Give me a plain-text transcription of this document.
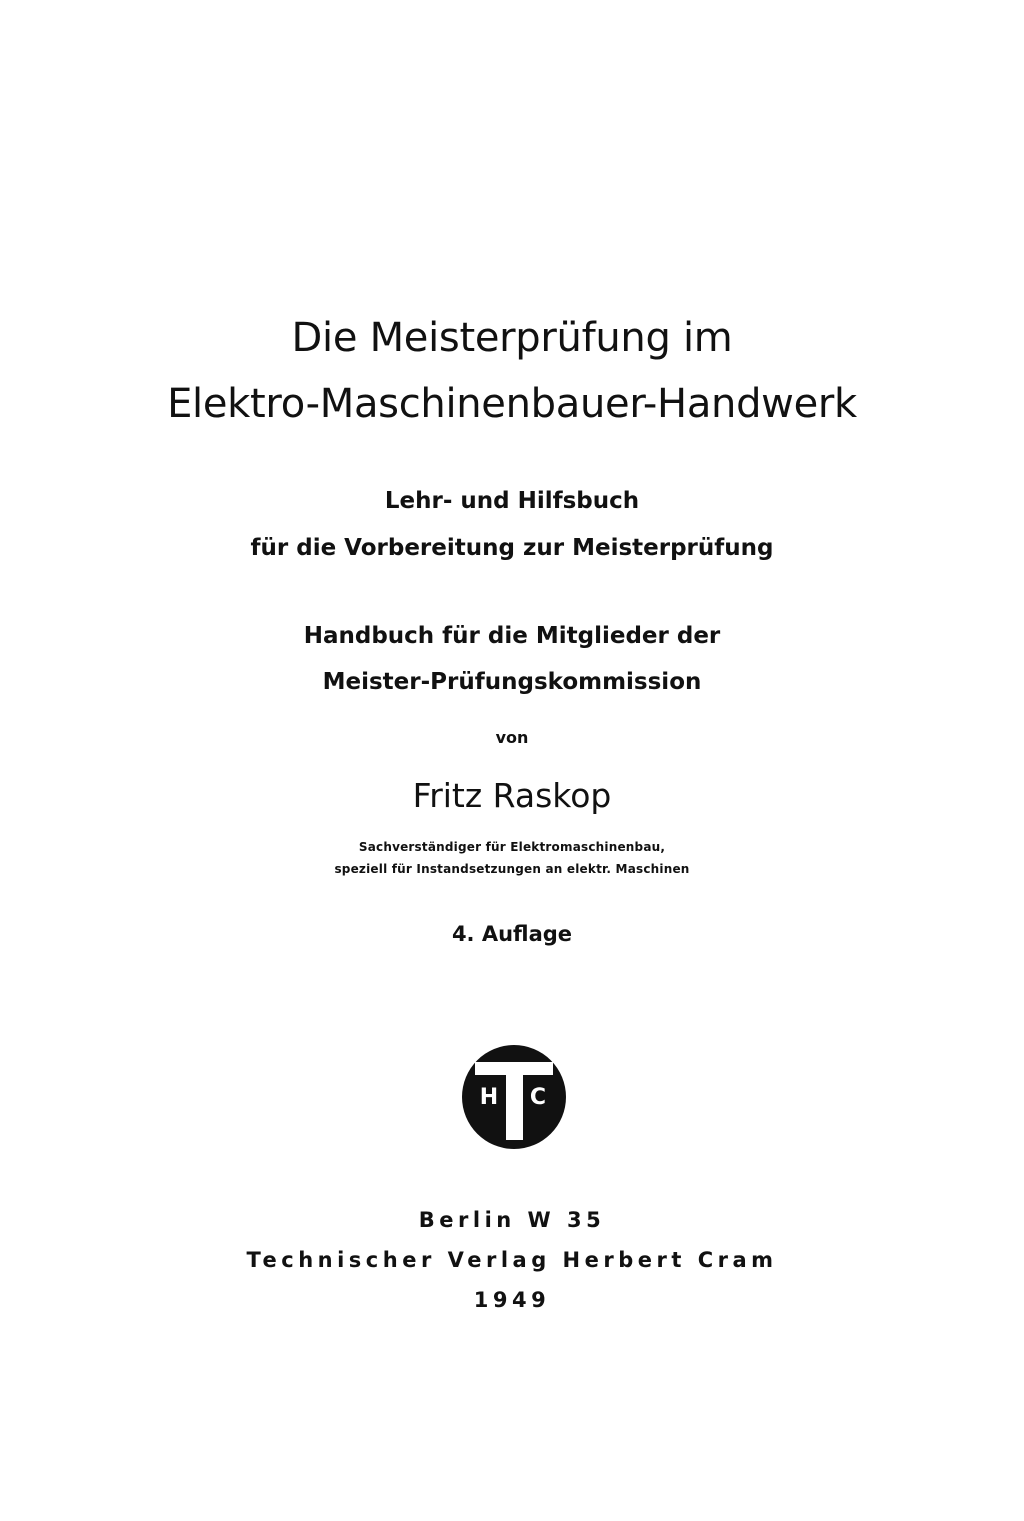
Die Meisterprüfung im
Elektro-Maschinenbauer-Handwerk

Lehr- und Hilfsbuch

für die Vorbereitung zur Meisterprüfung

Handbuch für die Mitglieder der

Meister-Prüfungskommission

von

Fritz Raskop

Sachverständiger für Elektromaschinenbau,

speziell für Instandsetzungen an elektr. Maschinen

4. Auflage

H C

Berlin W 35

Technischer Verlag Herbert Cram

1949
